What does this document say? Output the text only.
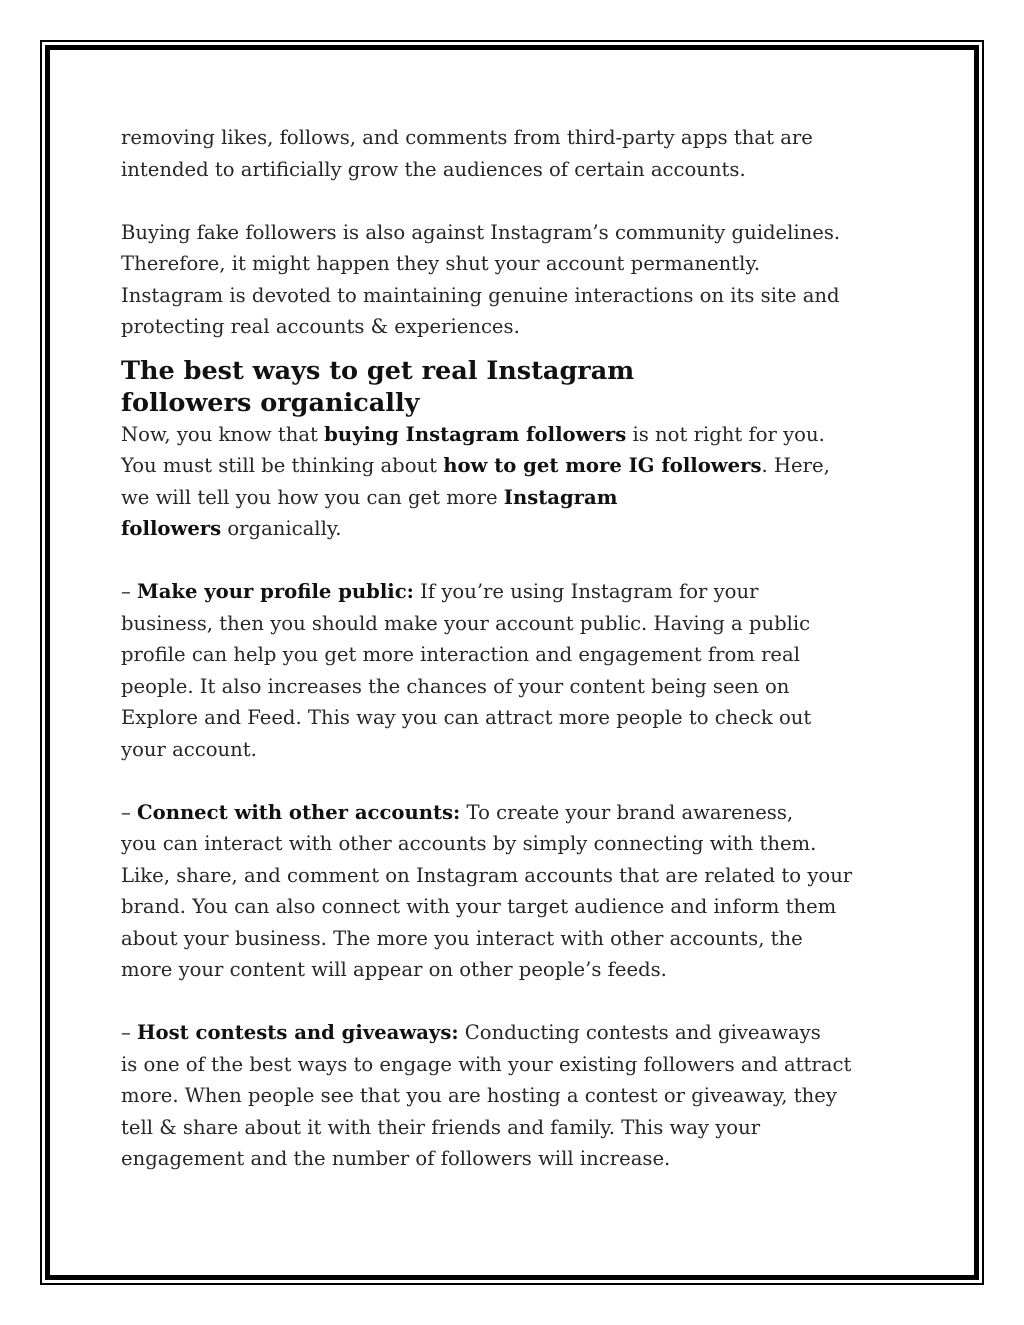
removing likes, follows, and comments from third-party apps that are
intended to artificially grow the audiences of certain accounts.

Buying fake followers is also against Instagram’s community guidelines.
Therefore, it might happen they shut your account permanently.
Instagram is devoted to maintaining genuine interactions on its site and
protecting real accounts & experiences.

The best ways to get real Instagram
followers organically

Now, you know that buying Instagram followers is not right for you.
You must still be thinking about how to get more IG followers. Here,
we will tell you how you can get more Instagram
followers organically.

– Make your profile public: If you’re using Instagram for your
business, then you should make your account public. Having a public
profile can help you get more interaction and engagement from real
people. It also increases the chances of your content being seen on
Explore and Feed. This way you can attract more people to check out
your account.

– Connect with other accounts: To create your brand awareness,
you can interact with other accounts by simply connecting with them.
Like, share, and comment on Instagram accounts that are related to your
brand. You can also connect with your target audience and inform them
about your business. The more you interact with other accounts, the
more your content will appear on other people’s feeds.

– Host contests and giveaways: Conducting contests and giveaways
is one of the best ways to engage with your existing followers and attract
more. When people see that you are hosting a contest or giveaway, they
tell & share about it with their friends and family. This way your
engagement and the number of followers will increase.
